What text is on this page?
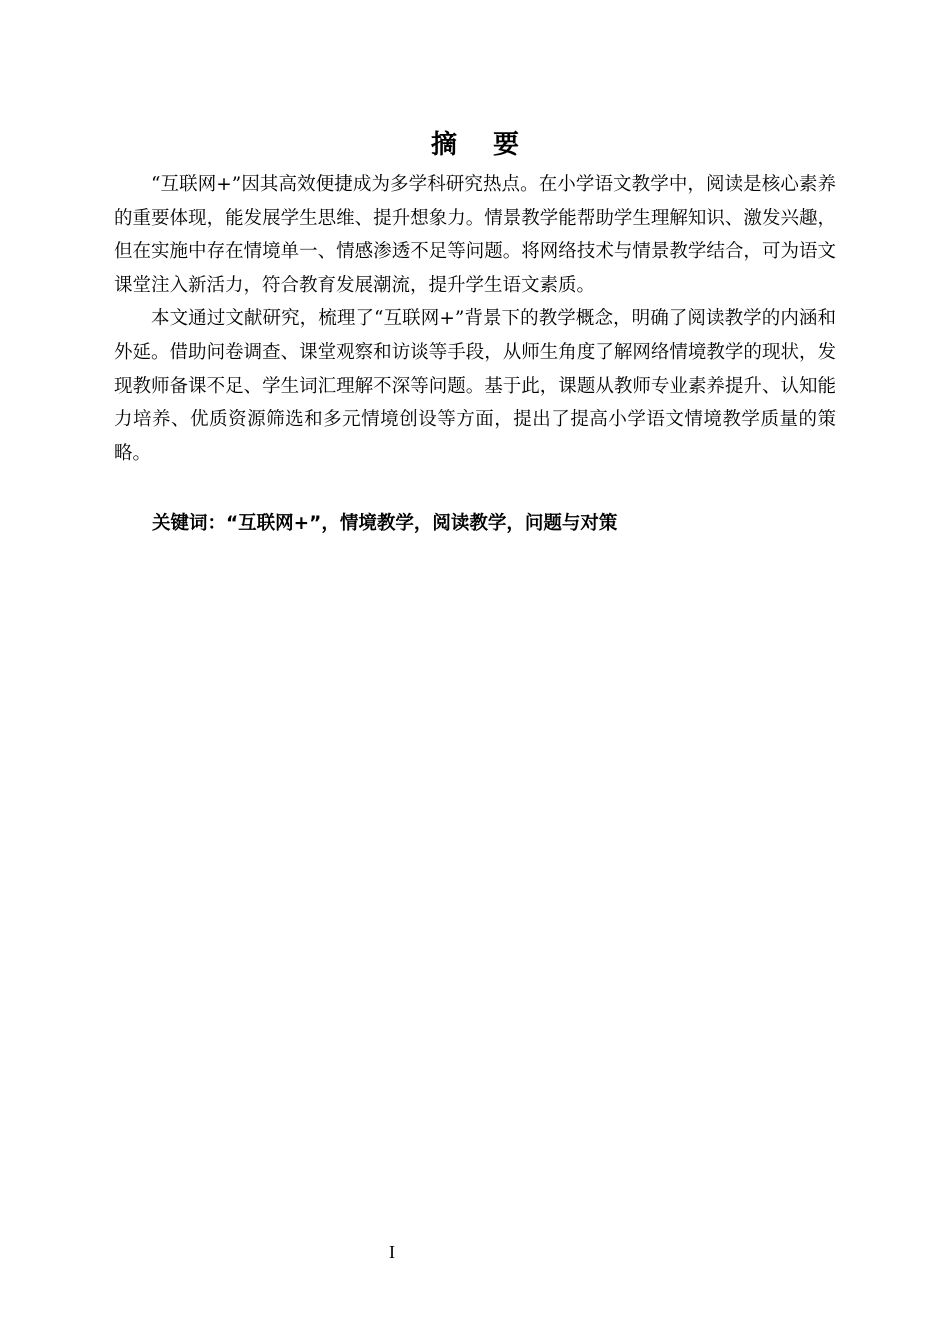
摘要

“互联网+”因其高效便捷成为多学科研究热点。在小学语文教学中，阅读是核心素养的重要体现，能发展学生思维、提升想象力。情景教学能帮助学生理解知识、激发兴趣，但在实施中存在情境单一、情感渗透不足等问题。将网络技术与情景教学结合，可为语文课堂注入新活力，符合教育发展潮流，提升学生语文素质。

本文通过文献研究，梳理了“互联网+”背景下的教学概念，明确了阅读教学的内涵和外延。借助问卷调查、课堂观察和访谈等手段，从师生角度了解网络情境教学的现状，发现教师备课不足、学生词汇理解不深等问题。基于此，课题从教师专业素养提升、认知能力培养、优质资源筛选和多元情境创设等方面，提出了提高小学语文情境教学质量的策略。

关键词：“互联网+”，情境教学，阅读教学，问题与对策
I
